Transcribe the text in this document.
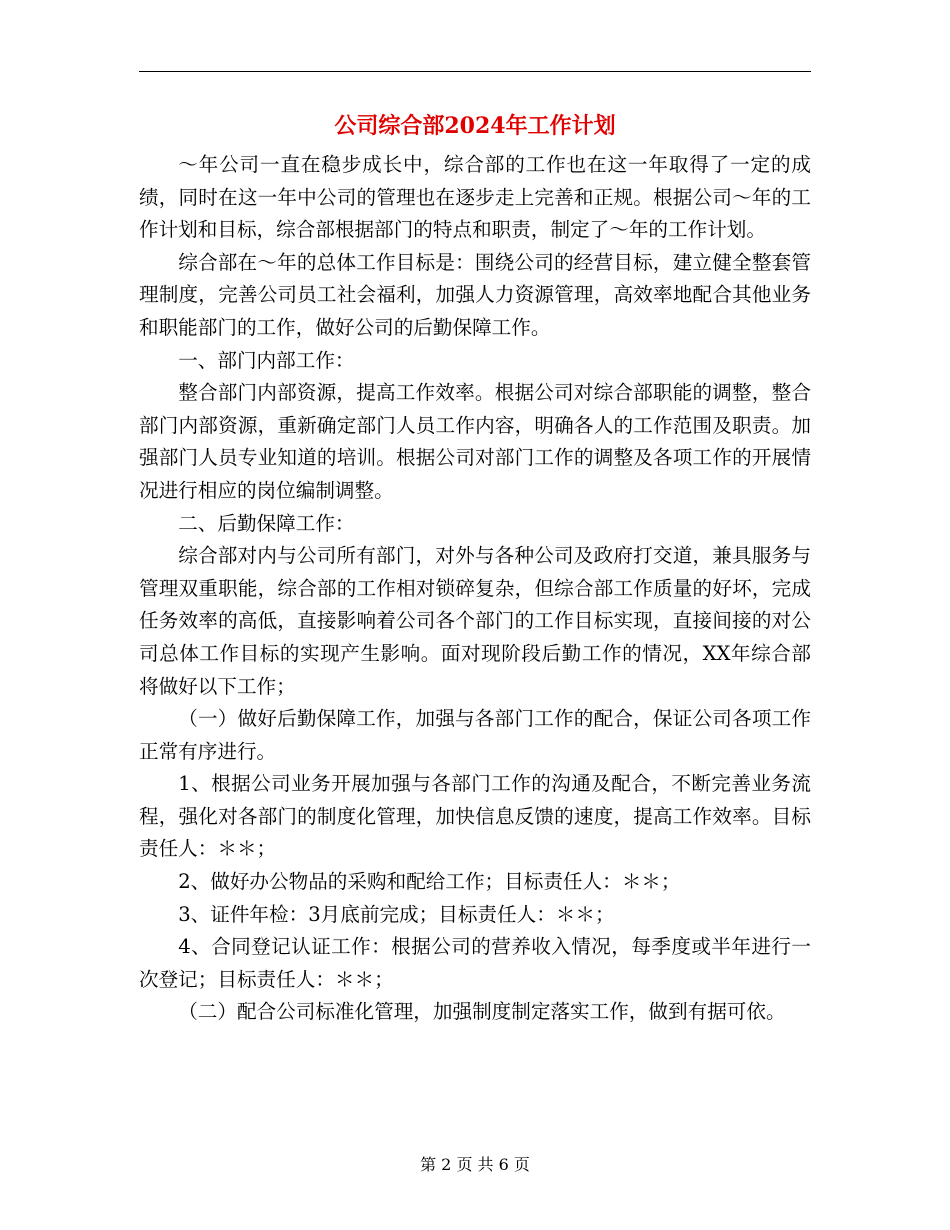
公司综合部2024年工作计划

～年公司一直在稳步成长中，综合部的工作也在这一年取得了一定的成绩，同时在这一年中公司的管理也在逐步走上完善和正规。根据公司～年的工作计划和目标，综合部根据部门的特点和职责，制定了～年的工作计划。

综合部在～年的总体工作目标是：围绕公司的经营目标，建立健全整套管理制度，完善公司员工社会福利，加强人力资源管理，高效率地配合其他业务和职能部门的工作，做好公司的后勤保障工作。

一、部门内部工作：

整合部门内部资源，提高工作效率。根据公司对综合部职能的调整，整合部门内部资源，重新确定部门人员工作内容，明确各人的工作范围及职责。加强部门人员专业知道的培训。根据公司对部门工作的调整及各项工作的开展情况进行相应的岗位编制调整。

二、后勤保障工作：

综合部对内与公司所有部门，对外与各种公司及政府打交道，兼具服务与管理双重职能，综合部的工作相对锁碎复杂，但综合部工作质量的好坏，完成任务效率的高低，直接影响着公司各个部门的工作目标实现，直接间接的对公司总体工作目标的实现产生影响。面对现阶段后勤工作的情况，XX年综合部将做好以下工作；

（一）做好后勤保障工作，加强与各部门工作的配合，保证公司各项工作正常有序进行。

1、根据公司业务开展加强与各部门工作的沟通及配合，不断完善业务流程，强化对各部门的制度化管理，加快信息反馈的速度，提高工作效率。目标责任人：＊＊；

2、做好办公物品的采购和配给工作；目标责任人：＊＊；

3、证件年检：3月底前完成；目标责任人：＊＊；

4、合同登记认证工作：根据公司的营养收入情况，每季度或半年进行一次登记；目标责任人：＊＊；

（二）配合公司标准化管理，加强制度制定落实工作，做到有据可依。

第 2 页 共 6 页
